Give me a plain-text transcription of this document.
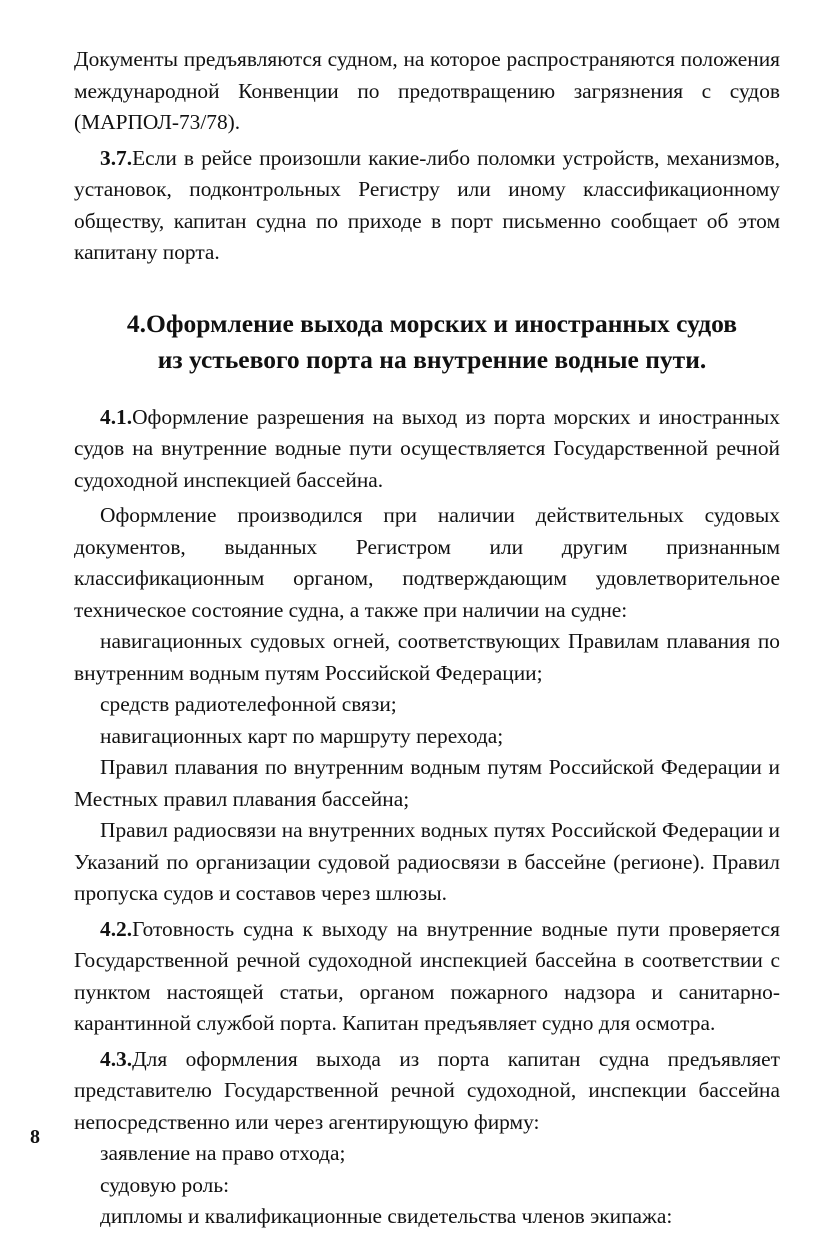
Документы предъявляются судном, на которое распространяются положения международной Конвенции по предотвращению загрязнения с судов (МАРПОЛ-73/78).

3.7.Если в рейсе произошли какие-либо поломки устройств, механизмов, установок, подконтрольных Регистру или иному классификационному обществу, капитан судна по приходе в порт письменно сообщает об этом капитану порта.

4.Оформление выхода морских и иностранных судов
из устьевого порта на внутренние водные пути.

4.1.Оформление разрешения на выход из порта морских и иностранных судов на внутренние водные пути осуществляется Государственной речной судоходной инспекцией бассейна.

Оформление производился при наличии действительных судовых документов, выданных Регистром или другим признанным классификационным органом, подтверждающим удовлетворительное техническое состояние судна, а также при наличии на судне:

навигационных судовых огней, соответствующих Правилам плавания по внутренним водным путям Российской Федерации;

средств радиотелефонной связи;

навигационных карт по маршруту перехода;

Правил плавания по внутренним водным путям Российской Федерации и Местных правил плавания бассейна;

Правил радиосвязи на внутренних водных путях Российской Федерации и Указаний по организации судовой радиосвязи в бассейне (регионе). Правил пропуска судов и составов через шлюзы.

4.2.Готовность судна к выходу на внутренние водные пути проверяется Государственной речной судоходной инспекцией бассейна в соответствии с пунктом настоящей статьи, органом пожарного надзора и санитарно-карантинной службой порта. Капитан предъявляет судно для осмотра.

4.3.Для оформления выхода из порта капитан судна предъявляет представителю Государственной речной судоходной, инспекции бассейна непосредственно или через агентирующую фирму:

заявление на право отхода;

судовую роль:

дипломы и квалификационные свидетельства членов экипажа:

8
